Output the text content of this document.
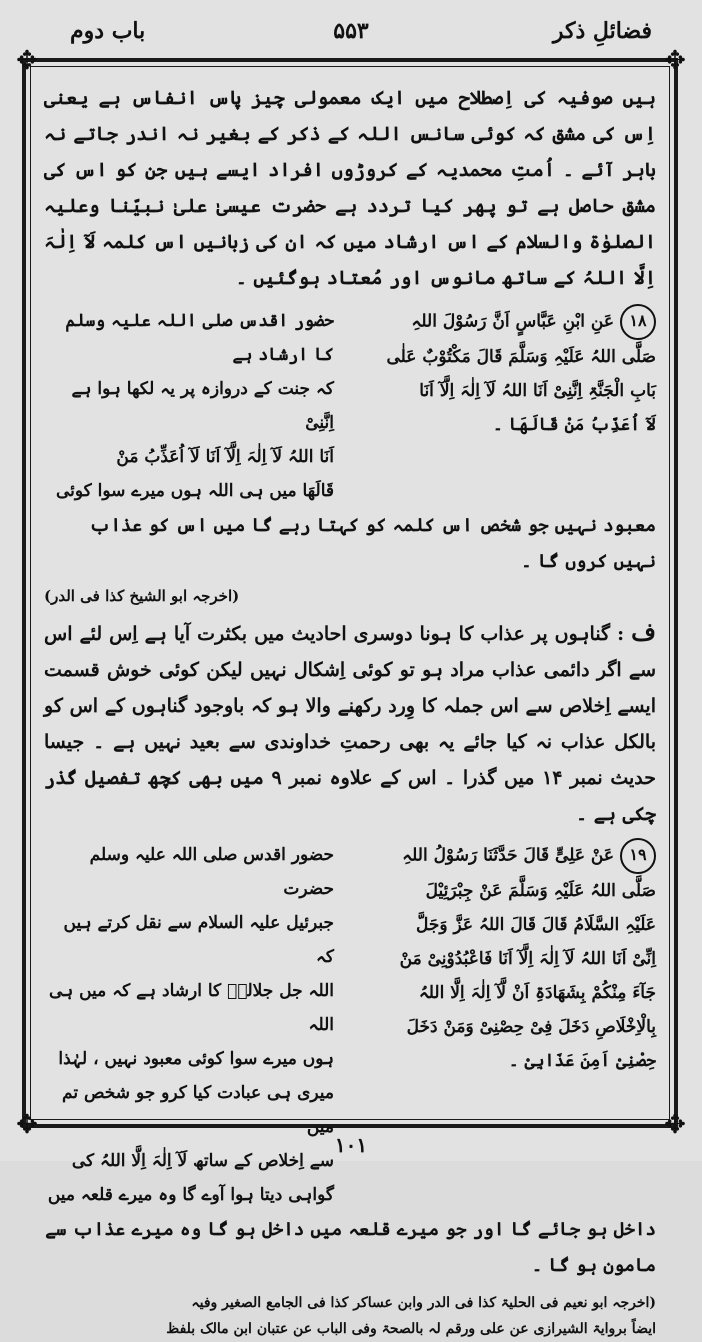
فضائلِ ذکر
۵۵۳
باب دوم
✥	✥
✥	✥

ہیں صوفیہ کی اِصطلاح میں ایک معمولی چیز پاس انفاس ہے یعنی اِس کی مشق کہ کوئی سانس اللہ کے ذکر کے بغیر نہ اندر جاتے نہ باہر آئے ۔ اُمتِ محمدیہ کے کروڑوں افراد ایسے ہیں جن کو اس کی مشق حاصل ہے تو پھر کیا تردد ہے حضرت عیسیٰ علیٰ نبیّنا وعلیہ الصلوٰۃ والسلام کے اس ارشاد میں کہ ان کی زبانیں اس کلمہ لَآ اِلٰہَ اِلَّا اللہُ کے ساتھ مانوس اور مُعتاد ہوگئیں ۔

۱۸عَنِ ابْنِ عَبَّاسٍ اَنَّ رَسُوْلَ اللہِ
صَلَّی اللہُ عَلَیْہِ وَسَلَّمَ قَالَ مَکْتُوْبٌ عَلٰی
بَابِ الْجَنَّۃِ اِنَّنِیْ اَنَا اللہُ لَآ اِلٰہَ اِلَّآ اَنَا
لَآ اُعَذِّبُ مَنْ قَالَھَا ۔
حضور اقدس صلی اللہ علیہ وسلم کا ارشاد ہے
کہ جنت کے دروازہ پر یہ لکھا ہوا ہے اِنَّنِیْ
اَنَا اللہُ لَآ اِلٰہَ اِلَّآ اَنَا لَآ اُعَذِّبُ مَنْ
قَالَھَا میں ہی اللہ ہوں میرے سوا کوئی

معبود نہیں جو شخص اس کلمہ کو کہتا رہے گا میں اس کو عذاب نہیں کروں گا ۔

(اخرجہ ابو الشیخ کذا فی الدر)

ف : گناہوں پر عذاب کا ہونا دوسری احادیث میں بکثرت آیا ہے اِس لئے اس سے اگر دائمی عذاب مراد ہو تو کوئی اِشکال نہیں لیکن کوئی خوش قسمت ایسے اِخلاص سے اس جملہ کا وِرد رکھنے والا ہو کہ باوجود گناہوں کے اس کو بالکل عذاب نہ کیا جائے یہ بھی رحمتِ خداوندی سے بعید نہیں ہے ۔ جیسا حدیث نمبر ۱۴ میں گذرا ۔ اس کے علاوہ نمبر ۹ میں بھی کچھ تفصیل گذر چکی ہے ۔

۱۹عَنْ عَلِیٍّ قَالَ حَدَّثَنَا رَسُوْلُ اللہِ
صَلَّی اللہُ عَلَیْہِ وَسَلَّمَ عَنْ جِبْرَئِیْلَ
عَلَیْہِ السَّلَامُ قَالَ قَالَ اللہُ عَزَّ وَجَلَّ
اِنِّیْ اَنَا اللہُ لَآ اِلٰہَ اِلَّآ اَنَا فَاعْبُدُوْنِیْ مَنْ
جَآءَ مِنْکُمْ بِشَھَادَۃِ اَنْ لَّآ اِلٰہَ اِلَّا اللہُ
بِالْاِخْلَاصِ دَخَلَ فِیْ حِصْنِیْ وَمَنْ دَخَلَ
حِصْنِیْ اَمِنَ عَذَابِیْ ۔
حضور اقدس صلی اللہ علیہ وسلم حضرت
جبرئیل علیہ السلام سے نقل کرتے ہیں کہ
اللہ جل جلالہٗ کا ارشاد ہے کہ میں ہی اللہ
ہوں میرے سوا کوئی معبود نہیں ، لہٰذا
میری ہی عبادت کیا کرو جو شخص تم میں
سے اِخلاص کے ساتھ لَآ اِلٰہَ اِلَّا اللہُ کی
گواہی دیتا ہوا آوے گا وہ میرے قلعہ میں

داخل ہو جائے گا اور جو میرے قلعہ میں داخل ہو گا وہ میرے عذاب سے مامون ہو گا ۔

(اخرجہ ابو نعیم فی الحلیۃ کذا فی الدر وابن عساکر کذا فی الجامع الصغیر وفیہ

ایضاً بروایۃ الشیرازی عن علی ورقم لہ بالصحۃ وفی الباب عن عتبان ابن مالک بلفظ

۱۰۱
